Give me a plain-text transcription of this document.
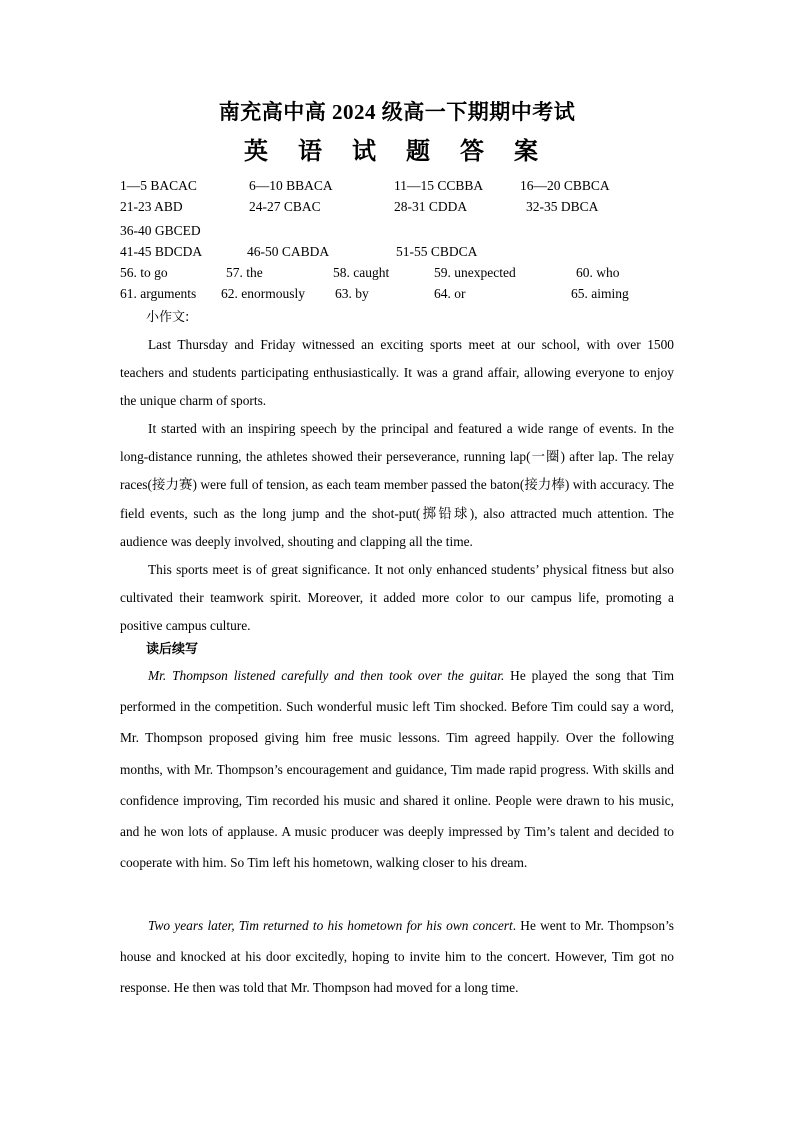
南充高中高 2024 级高一下期期中考试
英 语 试 题 答 案
1—5 BACAC	6—10 BBACA	11—15 CCBBA	16—20 CBBCA
21-23 ABD	24-27 CBAC	28-31 CDDA	32-35 DBCA
36-40 GBCED
41-45 BDCDA	46-50 CABDA	51-55 CBDCA
56. to go	57. the	58. caught	59. unexpected	60. who
61. arguments 62. enormously 63. by	64. or	65. aiming
小作文:

Last Thursday and Friday witnessed an exciting sports meet at our school, with over 1500 teachers and students participating enthusiastically. It was a grand affair, allowing everyone to enjoy the unique charm of sports.

It started with an inspiring speech by the principal and featured a wide range of events. In the long-distance running, the athletes showed their perseverance, running lap(一圈) after lap. The relay races(接力赛) were full of tension, as each team member passed the baton(接力棒) with accuracy. The field events, such as the long jump and the shot-put(掷铅球), also attracted much attention. The audience was deeply involved, shouting and clapping all the time.

This sports meet is of great significance. It not only enhanced students’ physical fitness but also cultivated their teamwork spirit. Moreover, it added more color to our campus life, promoting a positive campus culture.

读后续写

Mr. Thompson listened carefully and then took over the guitar. He played the song that Tim performed in the competition. Such wonderful music left Tim shocked. Before Tim could say a word, Mr. Thompson proposed giving him free music lessons. Tim agreed happily. Over the following months, with Mr. Thompson’s encouragement and guidance, Tim made rapid progress. With skills and confidence improving, Tim recorded his music and shared it online. People were drawn to his music, and he won lots of applause. A music producer was deeply impressed by Tim’s talent and decided to cooperate with him. So Tim left his hometown, walking closer to his dream.

Two years later, Tim returned to his hometown for his own concert. He went to Mr. Thompson’s house and knocked at his door excitedly, hoping to invite him to the concert. However, Tim got no response. He then was told that Mr. Thompson had moved for a long time.
